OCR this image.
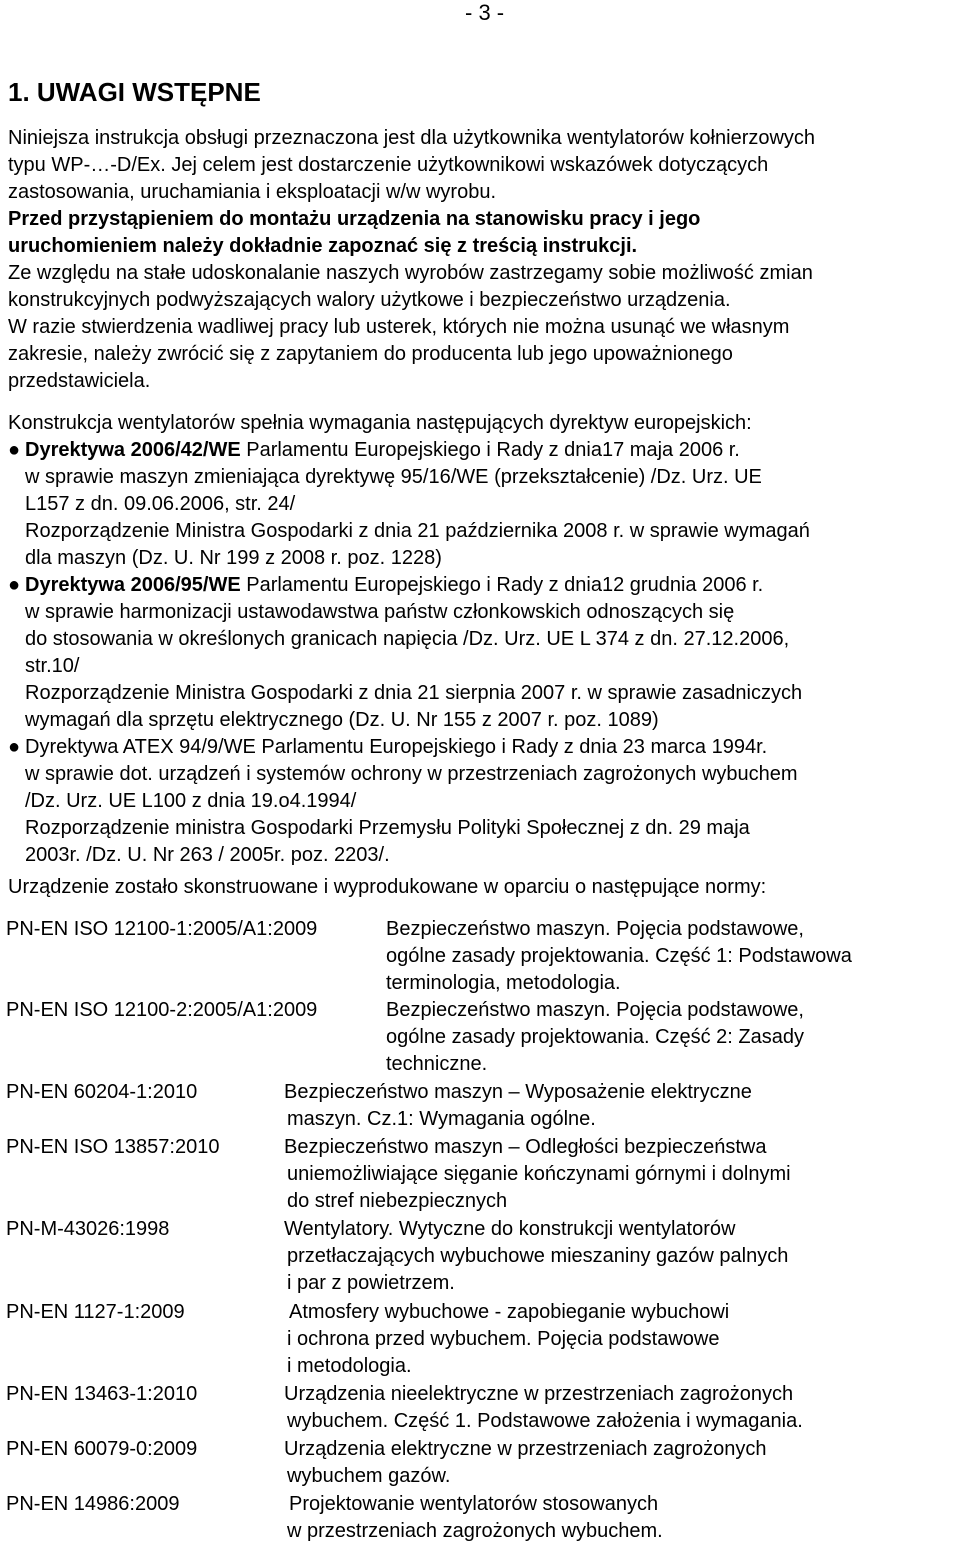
- 3 -
1. UWAGI WSTĘPNE
Niniejsza instrukcja obsługi przeznaczona jest dla użytkownika wentylatorów kołnierzowych
typu WP-…-D/Ex. Jej celem jest dostarczenie użytkownikowi wskazówek dotyczących
zastosowania, uruchamiania i eksploatacji w/w wyrobu.
Przed przystąpieniem do montażu urządzenia na stanowisku pracy i jego
uruchomieniem należy dokładnie zapoznać się z treścią instrukcji.
Ze względu na stałe udoskonalanie naszych wyrobów zastrzegamy sobie możliwość zmian
konstrukcyjnych podwyższających walory użytkowe i bezpieczeństwo urządzenia.
W razie stwierdzenia wadliwej pracy lub usterek, których nie można usunąć we własnym
zakresie, należy zwrócić się z zapytaniem do producenta lub jego upoważnionego
przedstawiciela.
Konstrukcja wentylatorów spełnia wymagania następujących dyrektyw europejskich:
● Dyrektywa 2006/42/WE Parlamentu Europejskiego i Rady z dnia17 maja 2006 r.
w sprawie maszyn zmieniająca dyrektywę 95/16/WE (przekształcenie) /Dz. Urz. UE
L157 z dn. 09.06.2006, str. 24/
Rozporządzenie Ministra Gospodarki z dnia 21 października 2008 r. w sprawie wymagań
dla maszyn (Dz. U. Nr 199 z 2008 r. poz. 1228)
● Dyrektywa 2006/95/WE Parlamentu Europejskiego i Rady z dnia12 grudnia 2006 r.
w sprawie harmonizacji ustawodawstwa państw członkowskich odnoszących się
do stosowania w określonych granicach napięcia /Dz. Urz. UE L 374 z dn. 27.12.2006,
str.10/
Rozporządzenie Ministra Gospodarki z dnia 21 sierpnia 2007 r. w sprawie zasadniczych
wymagań dla sprzętu elektrycznego (Dz. U. Nr 155 z 2007 r. poz. 1089)
● Dyrektywa ATEX 94/9/WE Parlamentu Europejskiego i Rady z dnia 23 marca 1994r.
w sprawie dot. urządzeń i systemów ochrony w przestrzeniach zagrożonych wybuchem
/Dz. Urz. UE L100 z dnia 19.o4.1994/
Rozporządzenie ministra Gospodarki Przemysłu Polityki Społecznej z dn. 29 maja
2003r. /Dz. U. Nr 263 / 2005r. poz. 2203/.
Urządzenie zostało skonstruowane i wyprodukowane w oparciu o następujące normy:
PN-EN ISO 12100-1:2005/A1:2009	Bezpieczeństwo maszyn. Pojęcia podstawowe,
ogólne zasady projektowania. Część 1: Podstawowa
terminologia, metodologia.
PN-EN ISO 12100-2:2005/A1:2009	Bezpieczeństwo maszyn. Pojęcia podstawowe,
ogólne zasady projektowania. Część 2: Zasady
techniczne.
PN-EN 60204-1:2010	Bezpieczeństwo maszyn – Wyposażenie elektryczne
maszyn. Cz.1: Wymagania ogólne.
PN-EN ISO 13857:2010	Bezpieczeństwo maszyn – Odległości bezpieczeństwa
uniemożliwiające sięganie kończynami górnymi i dolnymi
do stref niebezpiecznych
PN-M-43026:1998	Wentylatory. Wytyczne do konstrukcji wentylatorów
przetłaczających wybuchowe mieszaniny gazów palnych
i par z powietrzem.
PN-EN 1127-1:2009	Atmosfery wybuchowe - zapobieganie wybuchowi
i ochrona przed wybuchem. Pojęcia podstawowe
i metodologia.
PN-EN 13463-1:2010	Urządzenia nieelektryczne w przestrzeniach zagrożonych
wybuchem. Część 1. Podstawowe założenia i wymagania.
PN-EN 60079-0:2009	Urządzenia elektryczne w przestrzeniach zagrożonych
wybuchem gazów.
PN-EN 14986:2009	Projektowanie wentylatorów stosowanych
w przestrzeniach zagrożonych wybuchem.
